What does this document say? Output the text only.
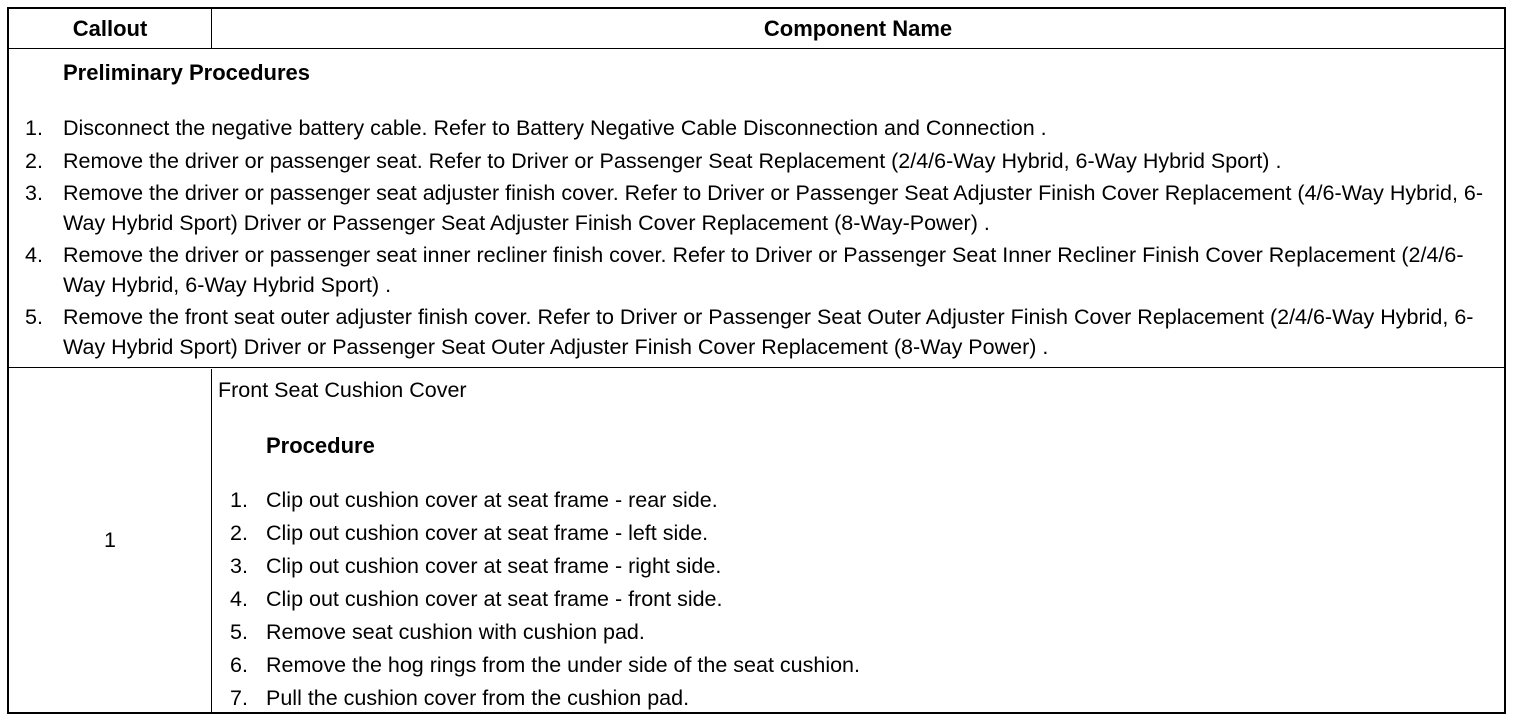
Callout	Component Name
Preliminary Procedures
1. Disconnect the negative battery cable. Refer to Battery Negative Cable Disconnection and Connection .
2. Remove the driver or passenger seat. Refer to Driver or Passenger Seat Replacement (2/4/6-Way Hybrid, 6-Way Hybrid Sport) .
3. Remove the driver or passenger seat adjuster finish cover. Refer to Driver or Passenger Seat Adjuster Finish Cover Replacement (4/6-Way Hybrid, 6-Way Hybrid Sport) Driver or Passenger Seat Adjuster Finish Cover Replacement (8-Way-Power) .
4. Remove the driver or passenger seat inner recliner finish cover. Refer to Driver or Passenger Seat Inner Recliner Finish Cover Replacement (2/4/6-Way Hybrid, 6-Way Hybrid Sport) .
5. Remove the front seat outer adjuster finish cover. Refer to Driver or Passenger Seat Outer Adjuster Finish Cover Replacement (2/4/6-Way Hybrid, 6-Way Hybrid Sport) Driver or Passenger Seat Outer Adjuster Finish Cover Replacement (8-Way Power) .
1
Front Seat Cushion Cover
Procedure
1. Clip out cushion cover at seat frame - rear side.
2. Clip out cushion cover at seat frame - left side.
3. Clip out cushion cover at seat frame - right side.
4. Clip out cushion cover at seat frame - front side.
5. Remove seat cushion with cushion pad.
6. Remove the hog rings from the under side of the seat cushion.
7. Pull the cushion cover from the cushion pad.
